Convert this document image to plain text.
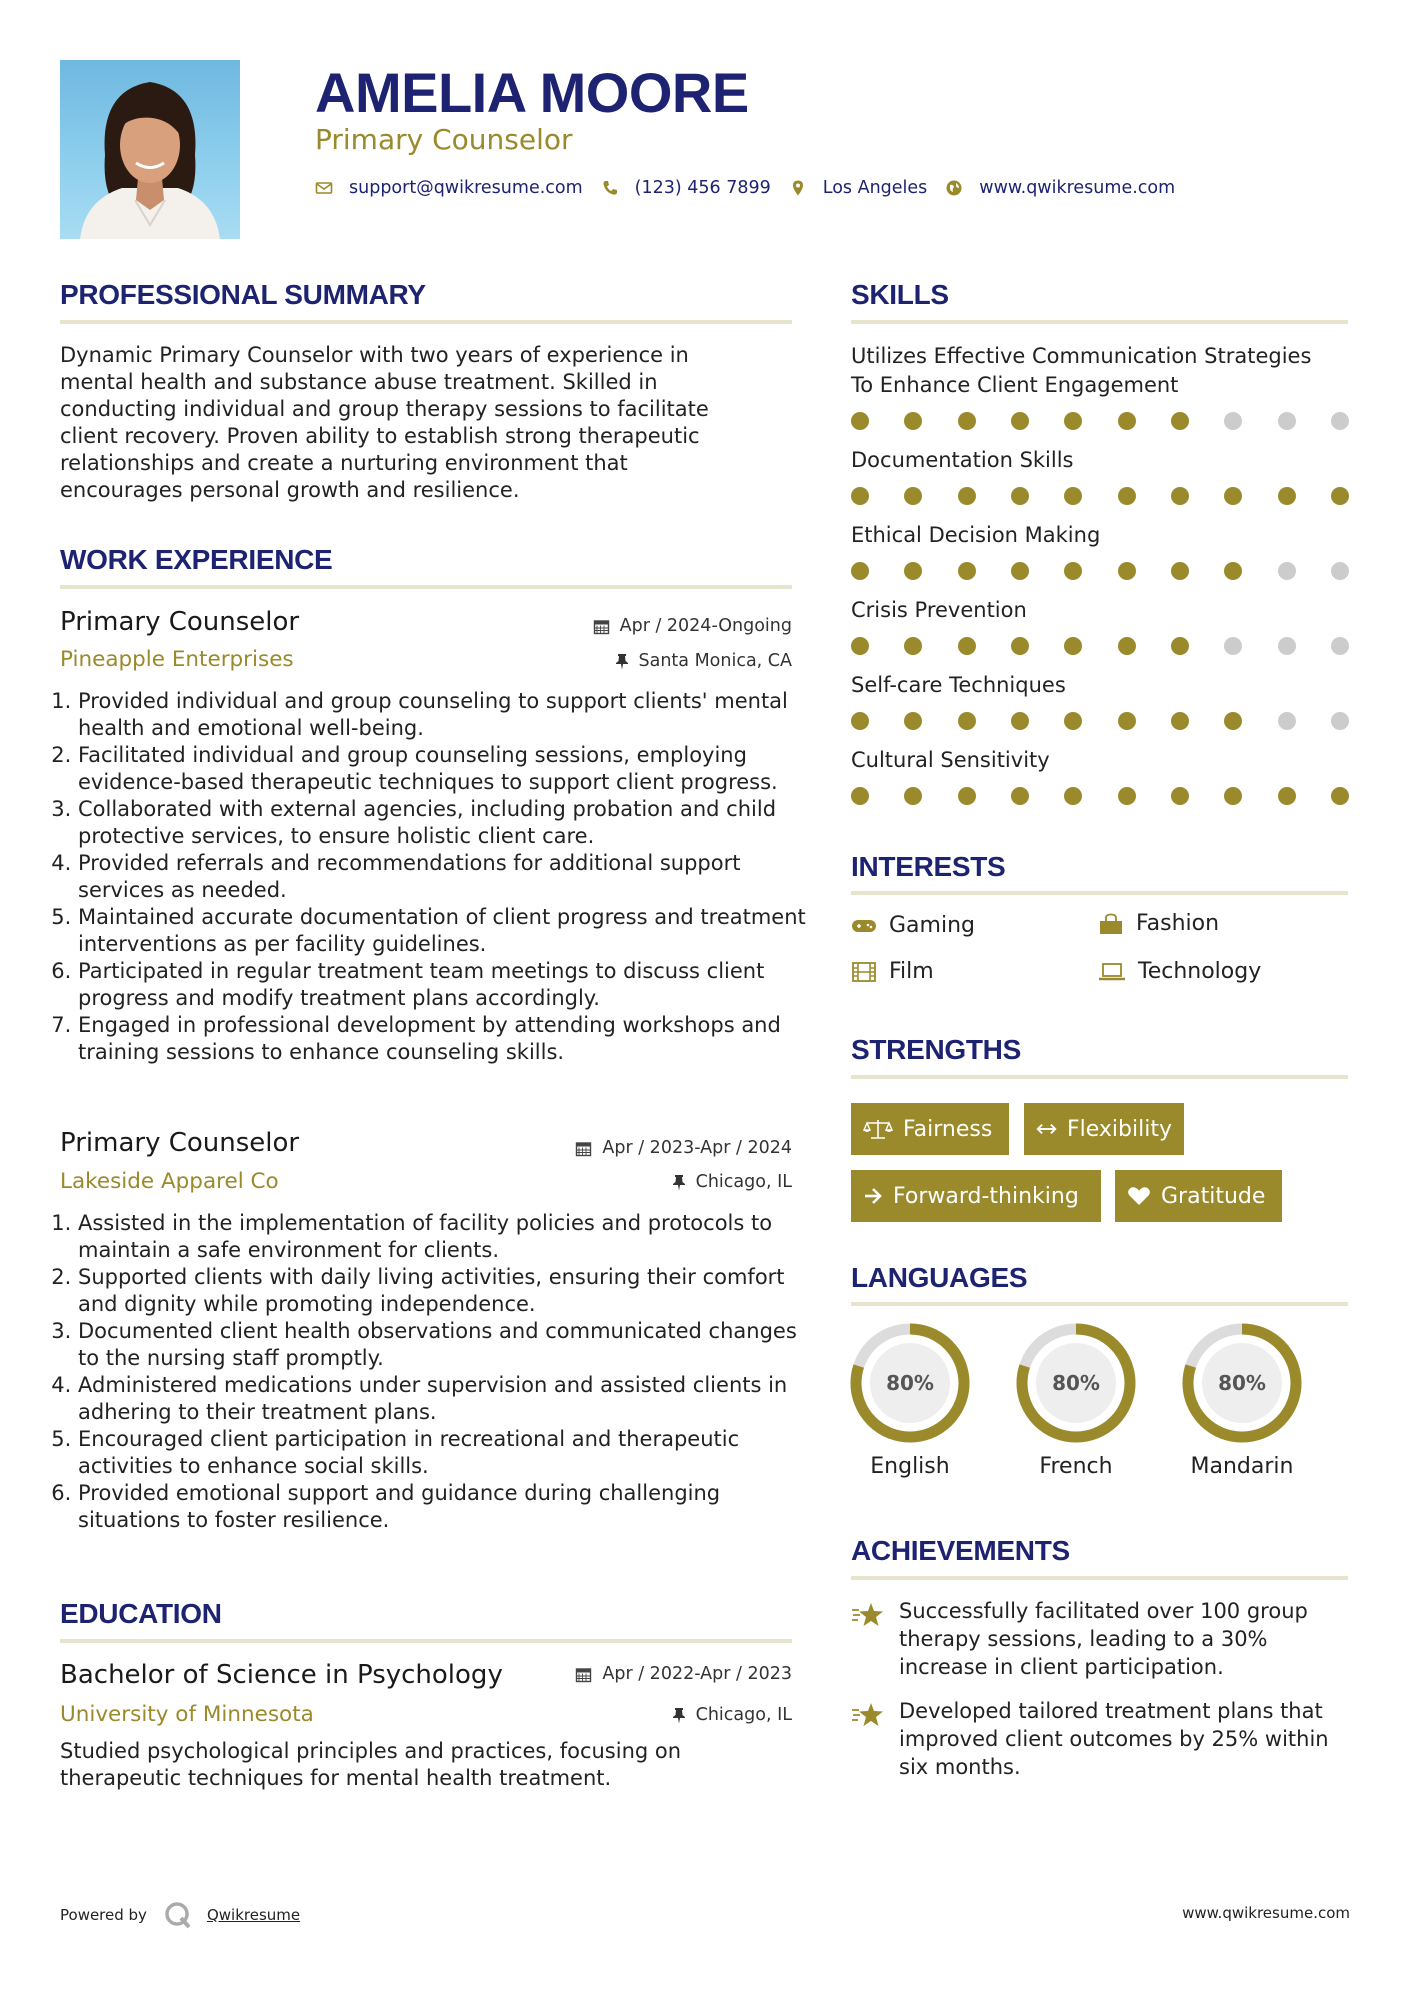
AMELIA MOORE
Primary Counselor
support@qwikresume.com	(123) 456 7899	Los Angeles	www.qwikresume.com
PROFESSIONAL SUMMARY
Dynamic Primary Counselor with two years of experience in
mental health and substance abuse treatment. Skilled in
conducting individual and group therapy sessions to facilitate
client recovery. Proven ability to establish strong therapeutic
relationships and create a nurturing environment that
encourages personal growth and resilience.
WORK EXPERIENCE
Primary Counselor	Apr / 2024-Ongoing
Pineapple Enterprises	Santa Monica, CA
1. Provided individual and group counseling to support clients' mental health and emotional well-being.
2. Facilitated individual and group counseling sessions, employing evidence-based therapeutic techniques to support client progress.
3. Collaborated with external agencies, including probation and child protective services, to ensure holistic client care.
4. Provided referrals and recommendations for additional support services as needed.
5. Maintained accurate documentation of client progress and treatment interventions as per facility guidelines.
6. Participated in regular treatment team meetings to discuss client progress and modify treatment plans accordingly.
7. Engaged in professional development by attending workshops and training sessions to enhance counseling skills.
Primary Counselor	Apr / 2023-Apr / 2024
Lakeside Apparel Co	Chicago, IL
1. Assisted in the implementation of facility policies and protocols to maintain a safe environment for clients.
2. Supported clients with daily living activities, ensuring their comfort and dignity while promoting independence.
3. Documented client health observations and communicated changes to the nursing staff promptly.
4. Administered medications under supervision and assisted clients in adhering to their treatment plans.
5. Encouraged client participation in recreational and therapeutic activities to enhance social skills.
6. Provided emotional support and guidance during challenging situations to foster resilience.
EDUCATION
Bachelor of Science in Psychology	Apr / 2022-Apr / 2023
University of Minnesota	Chicago, IL
Studied psychological principles and practices, focusing on
therapeutic techniques for mental health treatment.
SKILLS
Utilizes Effective Communication Strategies
To Enhance Client Engagement
Documentation Skills
Ethical Decision Making
Crisis Prevention
Self-care Techniques
Cultural Sensitivity
INTERESTS
Gaming	Fashion
Film	Technology
STRENGTHS
Fairness	Flexibility
Forward-thinking	Gratitude
LANGUAGES
80%
English
80%
French
80%
Mandarin
ACHIEVEMENTS
Successfully facilitated over 100 group
therapy sessions, leading to a 30%
increase in client participation.
Developed tailored treatment plans that
improved client outcomes by 25% within
six months.
Powered by	Qwikresume	www.qwikresume.com
